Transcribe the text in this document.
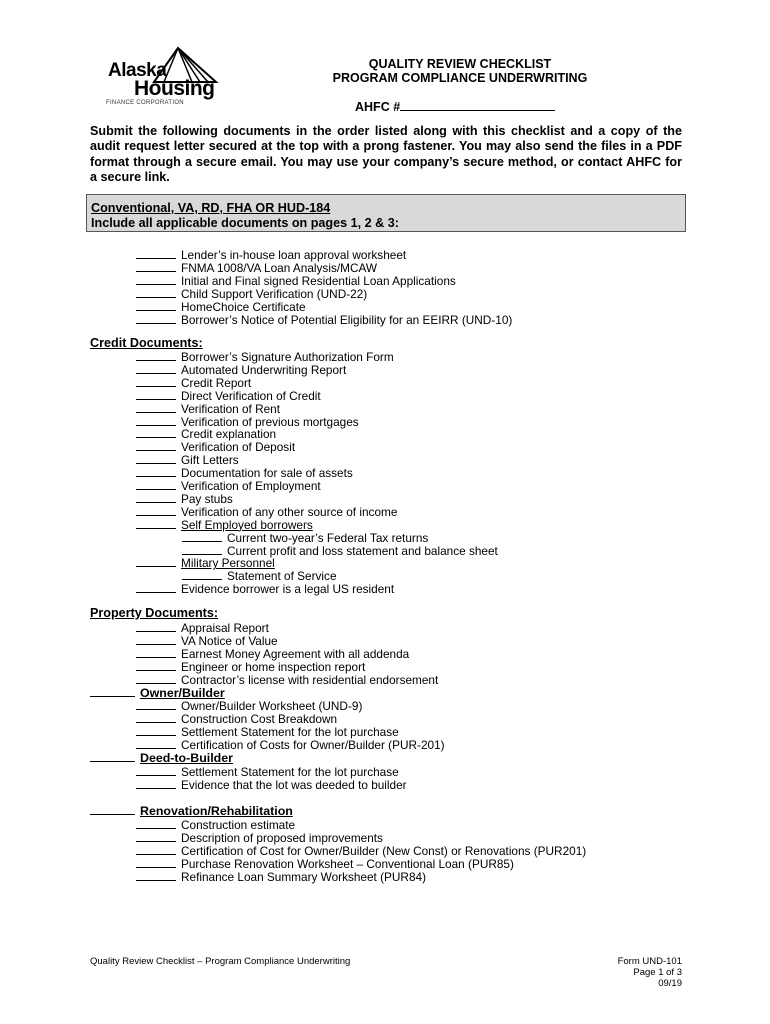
Alaska
Housing
FINANCE CORPORATION
QUALITY REVIEW CHECKLIST
PROGRAM COMPLIANCE UNDERWRITING
AHFC #
Submit the following documents in the order listed along with this checklist and a copy of the audit request letter secured at the top with a prong fastener. You may also send the files in a PDF format through a secure email. You may use your company’s secure method, or contact AHFC for a secure link.
Conventional, VA, RD, FHA OR HUD-184
Include all applicable documents on pages 1, 2 & 3:
Lender’s in-house loan approval worksheet
FNMA 1008/VA Loan Analysis/MCAW
Initial and Final signed Residential Loan Applications
Child Support Verification (UND-22)
HomeChoice Certificate
Borrower’s Notice of Potential Eligibility for an EEIRR (UND-10)
Credit Documents:
Borrower’s Signature Authorization Form
Automated Underwriting Report
Credit Report
Direct Verification of Credit
Verification of Rent
Verification of previous mortgages
Credit explanation
Verification of Deposit
Gift Letters
Documentation for sale of assets
Verification of Employment
Pay stubs
Verification of any other source of income
Self Employed borrowers
Current two-year’s Federal Tax returns
Current profit and loss statement and balance sheet
Military Personnel
Statement of Service
Evidence borrower is a legal US resident
Property Documents:
Appraisal Report
VA Notice of Value
Earnest Money Agreement with all addenda
Engineer or home inspection report
Contractor’s license with residential endorsement
Owner/Builder
Owner/Builder Worksheet (UND-9)
Construction Cost Breakdown
Settlement Statement for the lot purchase
Certification of Costs for Owner/Builder (PUR-201)
Deed-to-Builder
Settlement Statement for the lot purchase
Evidence that the lot was deeded to builder
Renovation/Rehabilitation
Construction estimate
Description of proposed improvements
Certification of Cost for Owner/Builder (New Const) or Renovations (PUR201)
Purchase Renovation Worksheet – Conventional Loan (PUR85)
Refinance Loan Summary Worksheet (PUR84)
Quality Review Checklist – Program Compliance Underwriting	Form UND-101
Page 1 of 3
09/19
